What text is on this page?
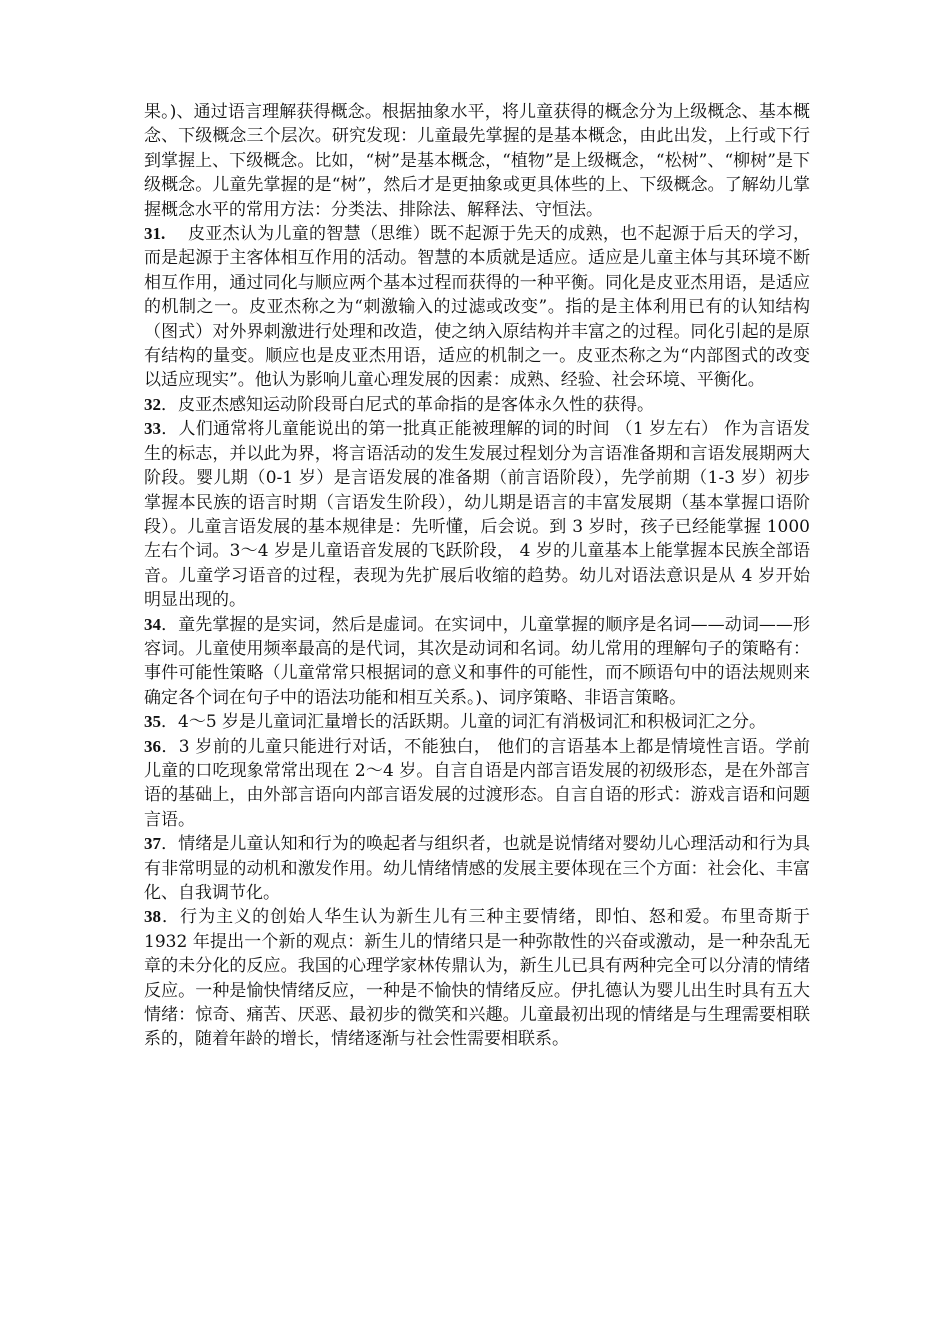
果。)、通过语言理解获得概念。根据抽象水平，将儿童获得的概念分为上级概念、基本概念、下级概念三个层次。研究发现：儿童最先掌握的是基本概念，由此出发，上行或下行到掌握上、下级概念。比如，“树”是基本概念，“植物”是上级概念，“松树”、“柳树”是下级概念。儿童先掌握的是“树”，然后才是更抽象或更具体些的上、下级概念。了解幼儿掌握概念水平的常用方法：分类法、排除法、解释法、守恒法。

31.    皮亚杰认为儿童的智慧（思维）既不起源于先天的成熟，也不起源于后天的学习，而是起源于主客体相互作用的活动。智慧的本质就是适应。适应是儿童主体与其环境不断相互作用，通过同化与顺应两个基本过程而获得的一种平衡。同化是皮亚杰用语，是适应的机制之一。皮亚杰称之为“刺激输入的过滤或改变”。指的是主体利用已有的认知结构（图式）对外界刺激进行处理和改造，使之纳入原结构并丰富之的过程。同化引起的是原有结构的量变。顺应也是皮亚杰用语，适应的机制之一。皮亚杰称之为“内部图式的改变以适应现实”。他认为影响儿童心理发展的因素：成熟、经验、社会环境、平衡化。

32．皮亚杰感知运动阶段哥白尼式的革命指的是客体永久性的获得。

33．人们通常将儿童能说出的第一批真正能被理解的词的时间 （1 岁左右） 作为言语发生的标志，并以此为界，将言语活动的发生发展过程划分为言语准备期和言语发展期两大阶段。婴儿期（0-1 岁）是言语发展的准备期（前言语阶段），先学前期（1-3 岁）初步掌握本民族的语言时期（言语发生阶段），幼儿期是语言的丰富发展期（基本掌握口语阶段）。儿童言语发展的基本规律是：先听懂，后会说。到 3 岁时，孩子已经能掌握 1000 左右个词。3～4 岁是儿童语音发展的飞跃阶段， 4 岁的儿童基本上能掌握本民族全部语音。儿童学习语音的过程，表现为先扩展后收缩的趋势。幼儿对语法意识是从 4 岁开始明显出现的。

34．童先掌握的是实词，然后是虚词。在实词中，儿童掌握的顺序是名词——动词——形容词。儿童使用频率最高的是代词，其次是动词和名词。幼儿常用的理解句子的策略有：事件可能性策略（儿童常常只根据词的意义和事件的可能性，而不顾语句中的语法规则来确定各个词在句子中的语法功能和相互关系。)、词序策略、非语言策略。

35．4～5 岁是儿童词汇量增长的活跃期。儿童的词汇有消极词汇和积极词汇之分。

36．3 岁前的儿童只能进行对话，不能独白， 他们的言语基本上都是情境性言语。学前儿童的口吃现象常常出现在 2～4 岁。自言自语是内部言语发展的初级形态，是在外部言语的基础上，由外部言语向内部言语发展的过渡形态。自言自语的形式：游戏言语和问题言语。

37．情绪是儿童认知和行为的唤起者与组织者，也就是说情绪对婴幼儿心理活动和行为具有非常明显的动机和激发作用。幼儿情绪情感的发展主要体现在三个方面：社会化、丰富化、自我调节化。

38．行为主义的创始人华生认为新生儿有三种主要情绪，即怕、怒和爱。布里奇斯于 1932 年提出一个新的观点：新生儿的情绪只是一种弥散性的兴奋或激动，是一种杂乱无章的未分化的反应。我国的心理学家林传鼎认为，新生儿已具有两种完全可以分清的情绪反应。一种是愉快情绪反应，一种是不愉快的情绪反应。伊扎德认为婴儿出生时具有五大情绪：惊奇、痛苦、厌恶、最初步的微笑和兴趣。儿童最初出现的情绪是与生理需要相联系的，随着年龄的增长，情绪逐渐与社会性需要相联系。
